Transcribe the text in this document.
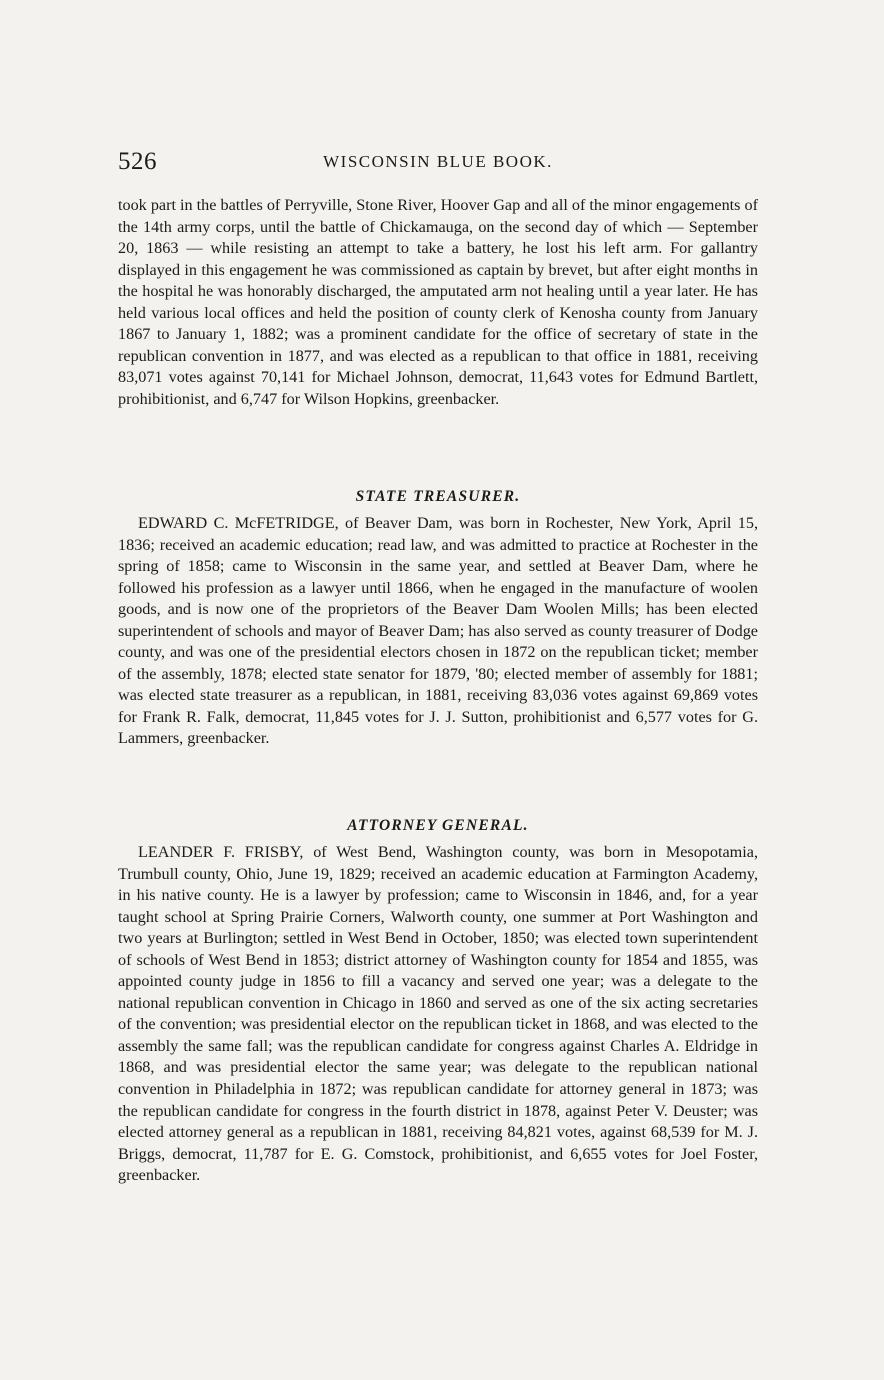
526	WISCONSIN BLUE BOOK.

took part in the battles of Perryville, Stone River, Hoover Gap and all of the minor engagements of the 14th army corps, until the battle of Chickamauga, on the second day of which — September 20, 1863 — while resisting an attempt to take a battery, he lost his left arm. For gallantry displayed in this engagement he was commissioned as captain by brevet, but after eight months in the hospital he was honorably discharged, the amputated arm not healing until a year later. He has held various local offices and held the position of county clerk of Kenosha county from January 1867 to January 1, 1882; was a prominent candidate for the office of secretary of state in the republican convention in 1877, and was elected as a republican to that office in 1881, receiving 83,071 votes against 70,141 for Michael Johnson, democrat, 11,643 votes for Edmund Bartlett, prohibitionist, and 6,747 for Wilson Hopkins, greenbacker.

STATE TREASURER.

EDWARD C. McFETRIDGE, of Beaver Dam, was born in Rochester, New York, April 15, 1836; received an academic education; read law, and was admitted to practice at Rochester in the spring of 1858; came to Wisconsin in the same year, and settled at Beaver Dam, where he followed his profession as a lawyer until 1866, when he engaged in the manufacture of woolen goods, and is now one of the proprietors of the Beaver Dam Woolen Mills; has been elected superintendent of schools and mayor of Beaver Dam; has also served as county treasurer of Dodge county, and was one of the presidential electors chosen in 1872 on the republican ticket; member of the assembly, 1878; elected state senator for 1879, '80; elected member of assembly for 1881; was elected state treasurer as a republican, in 1881, receiving 83,036 votes against 69,869 votes for Frank R. Falk, democrat, 11,845 votes for J. J. Sutton, prohibitionist and 6,577 votes for G. Lammers, greenbacker.

ATTORNEY GENERAL.

LEANDER F. FRISBY, of West Bend, Washington county, was born in Mesopotamia, Trumbull county, Ohio, June 19, 1829; received an academic education at Farmington Academy, in his native county. He is a lawyer by profession; came to Wisconsin in 1846, and, for a year taught school at Spring Prairie Corners, Walworth county, one summer at Port Washington and two years at Burlington; settled in West Bend in October, 1850; was elected town superintendent of schools of West Bend in 1853; district attorney of Washington county for 1854 and 1855, was appointed county judge in 1856 to fill a vacancy and served one year; was a delegate to the national republican convention in Chicago in 1860 and served as one of the six acting secretaries of the convention; was presidential elector on the republican ticket in 1868, and was elected to the assembly the same fall; was the republican candidate for congress against Charles A. Eldridge in 1868, and was presidential elector the same year; was delegate to the republican national convention in Philadelphia in 1872; was republican candidate for attorney general in 1873; was the republican candidate for congress in the fourth district in 1878, against Peter V. Deuster; was elected attorney general as a republican in 1881, receiving 84,821 votes, against 68,539 for M. J. Briggs, democrat, 11,787 for E. G. Comstock, prohibitionist, and 6,655 votes for Joel Foster, greenbacker.
